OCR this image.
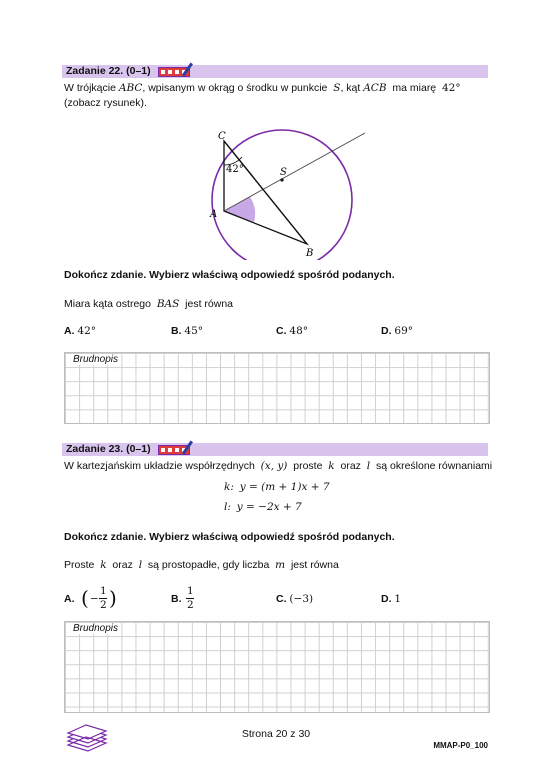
Zadanie 22. (0–1)
W trójkącie ABC, wpisanym w okrąg o środku w punkcie S, kąt ACB ma miarę 42°
(zobacz rysunek).
C
A
B
S
42°
Dokończ zdanie. Wybierz właściwą odpowiedź spośród podanych.
Miara kąta ostrego BAS jest równa
A. 42°	B. 45°	C. 48°	D. 69°
Brudnopis
Zadanie 23. (0–1)
W kartezjańskim układzie współrzędnych (x, y) proste k oraz l są określone równaniami
k: y = (m + 1)x + 7
l: y = −2x + 7
Dokończ zdanie. Wybierz właściwą odpowiedź spośród podanych.
Proste k oraz l są prostopadłe, gdy liczba m jest równa
A. ( −
1
2 )	B.
1
2	C. (−3)	D. 1
Brudnopis
Strona 20 z 30
MMAP-P0_100
